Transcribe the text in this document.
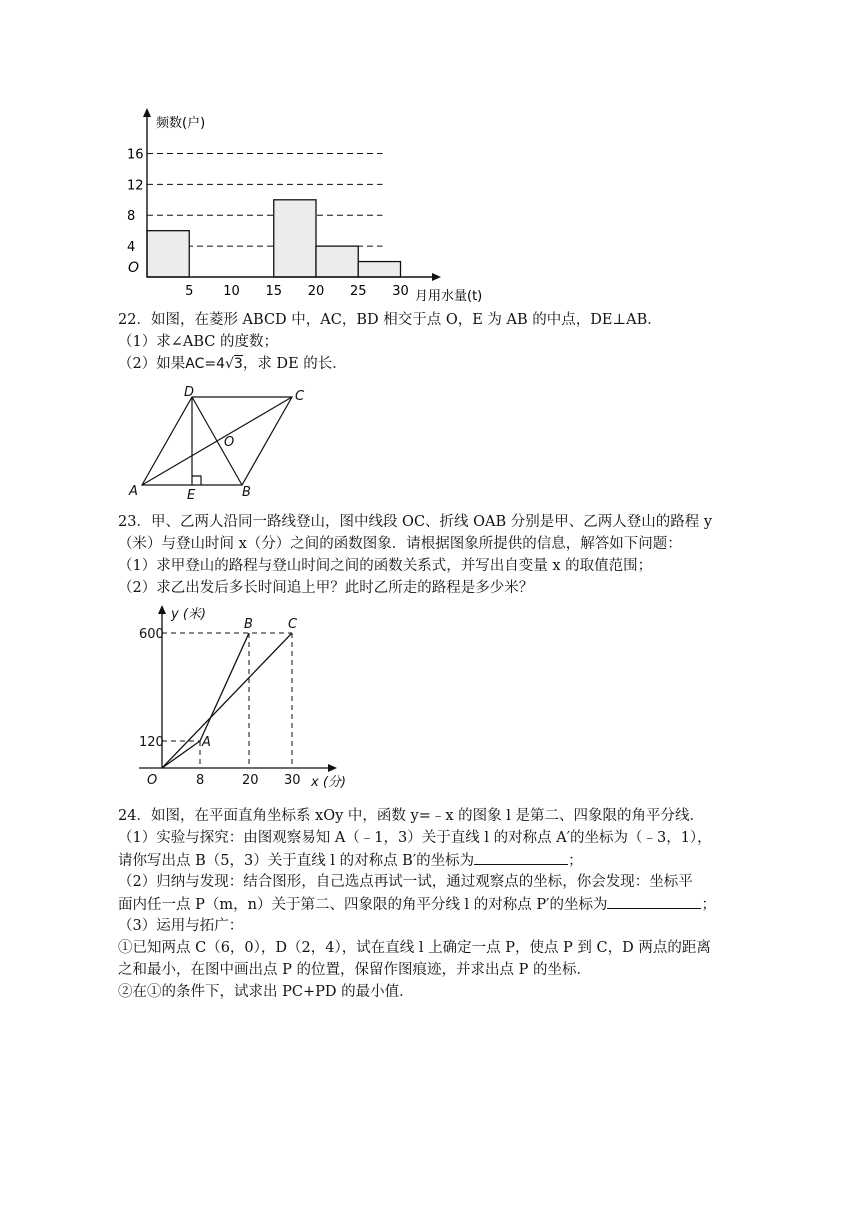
4
8
12
16
5 10 15 20 25 30
频数(户)
月用水量(t)
O
22．如图，在菱形 ABCD 中，AC，BD 相交于点 O，E 为 AB 的中点，DE⊥AB．
（1）求∠ABC 的度数；
（2）如果AC=4√3，求 DE 的长．
D	C
O
A	E	B
23．甲、乙两人沿同一路线登山，图中线段 OC、折线 OAB 分别是甲、乙两人登山的路程 y
（米）与登山时间 x（分）之间的函数图象．请根据图象所提供的信息，解答如下问题：
（1）求甲登山的路程与登山时间之间的函数关系式，并写出自变量 x 的取值范围；
（2）求乙出发后多长时间追上甲？此时乙所走的路程是多少米？
y (米)
x (分)
O
600
120
8	20 30
A
B	C
24．如图，在平面直角坐标系 xOy 中，函数 y=﹣x 的图象 l 是第二、四象限的角平分线．
（1）实验与探究：由图观察易知 A（﹣1，3）关于直线 l 的对称点 A′的坐标为（﹣3，1），
请你写出点 B（5，3）关于直线 l 的对称点 B′的坐标为	；
（2）归纳与发现：结合图形，自己选点再试一试，通过观察点的坐标，你会发现：坐标平
面内任一点 P（m，n）关于第二、四象限的角平分线 l 的对称点 P′的坐标为	；
（3）运用与拓广：
①已知两点 C（6，0），D（2，4），试在直线 l 上确定一点 P，使点 P 到 C，D 两点的距离
之和最小，在图中画出点 P 的位置，保留作图痕迹，并求出点 P 的坐标．
②在①的条件下，试求出 PC+PD 的最小值．
